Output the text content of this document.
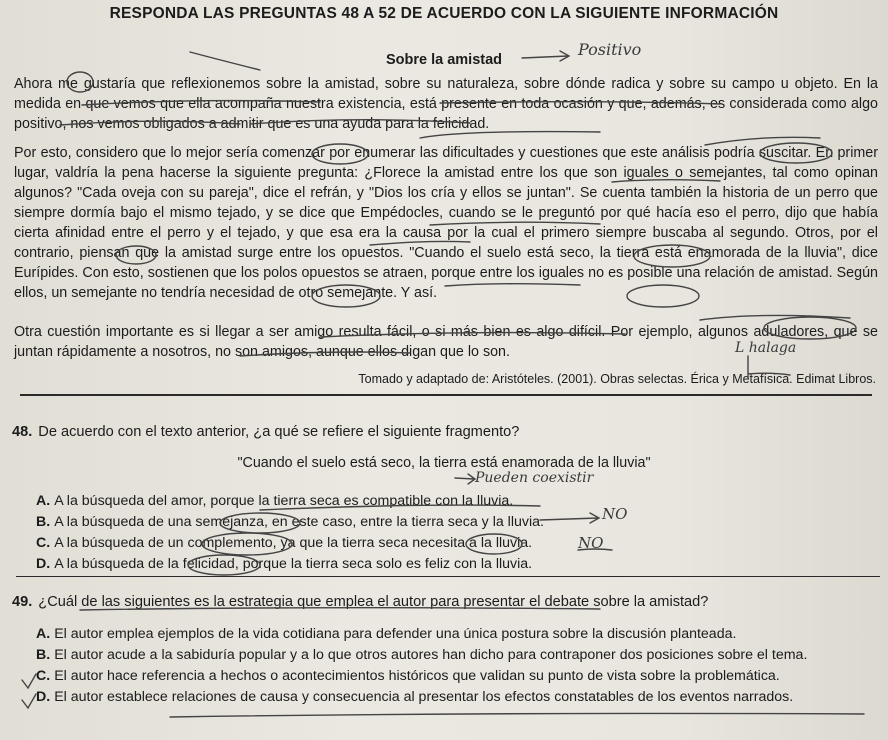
RESPONDA LAS PREGUNTAS 48 A 52 DE ACUERDO CON LA SIGUIENTE INFORMACIÓN
Sobre la amistad
Positivo
Ahora me gustaría que reflexionemos sobre la amistad, sobre su naturaleza, sobre dónde radica y sobre su campo u objeto. En la medida en que vemos que ella acompaña nuestra existencia, está presente en toda ocasión y que, además, es considerada como algo positivo, nos vemos obligados a admitir que es una ayuda para la felicidad.
Por esto, considero que lo mejor sería comenzar por enumerar las dificultades y cuestiones que este análisis podría suscitar. En primer lugar, valdría la pena hacerse la siguiente pregunta: ¿Florece la amistad entre los que son iguales o semejantes, tal como opinan algunos? "Cada oveja con su pareja", dice el refrán, y "Dios los cría y ellos se juntan". Se cuenta también la historia de un perro que siempre dormía bajo el mismo tejado, y se dice que Empédocles, cuando se le preguntó por qué hacía eso el perro, dijo que había cierta afinidad entre el perro y el tejado, y que esa era la causa por la cual el primero siempre buscaba al segundo. Otros, por el contrario, piensan que la amistad surge entre los opuestos. "Cuando el suelo está seco, la tierra está enamorada de la lluvia", dice Eurípides. Con esto, sostienen que los polos opuestos se atraen, porque entre los iguales no es posible una relación de amistad. Según ellos, un semejante no tendría necesidad de otro semejante. Y así.
Otra cuestión importante es si llegar a ser amigo resulta fácil, o si más bien es algo difícil. Por ejemplo, algunos aduladores, que se juntan rápidamente a nosotros, no son amigos, aunque ellos digan que lo son.	L halaga
Tomado y adaptado de: Aristóteles. (2001). Obras selectas. Érica y Metafísica. Edimat Libros.
48. De acuerdo con el texto anterior, ¿a qué se refiere el siguiente fragmento?
"Cuando el suelo está seco, la tierra está enamorada de la lluvia"
Pueden coexistir
A. A la búsqueda del amor, porque la tierra seca es compatible con la lluvia.
B. A la búsqueda de una semejanza, en este caso, entre la tierra seca y la lluvia.	NO
C. A la búsqueda de un complemento, ya que la tierra seca necesita a la lluvia.	NO
D. A la búsqueda de la felicidad, porque la tierra seca solo es feliz con la lluvia.
49. ¿Cuál de las siguientes es la estrategia que emplea el autor para presentar el debate sobre la amistad?
A. El autor emplea ejemplos de la vida cotidiana para defender una única postura sobre la discusión planteada.
B. El autor acude a la sabiduría popular y a lo que otros autores han dicho para contraponer dos posiciones sobre el tema.
C. El autor hace referencia a hechos o acontecimientos históricos que validan su punto de vista sobre la problemática.
D. El autor establece relaciones de causa y consecuencia al presentar los efectos constatables de los eventos narrados.
